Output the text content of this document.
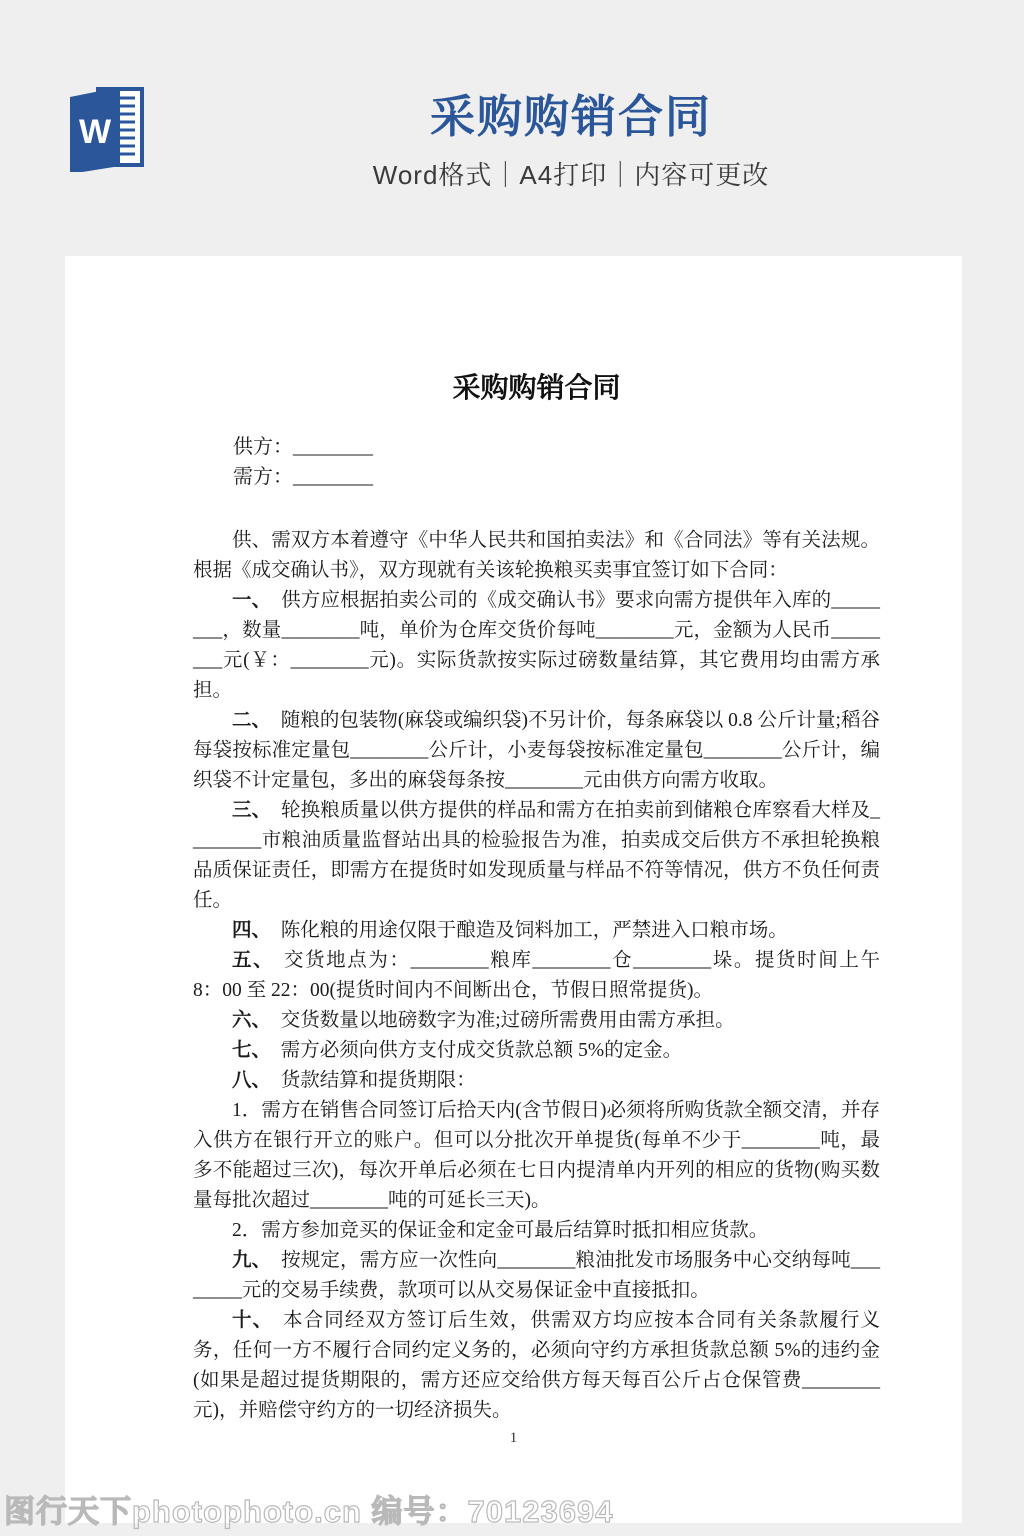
W	采购购销合同
Word格式｜A4打印｜内容可更改
采购购销合同
供方：________
需方：________

供、需双方本着遵守《中华人民共和国拍卖法》和《合同法》等有关法规。根据《成交确认书》，双方现就有关该轮换粮买卖事宜签订如下合同：

一、 供方应根据拍卖公司的《成交确认书》要求向需方提供年入库的________，数量________吨，单价为仓库交货价每吨________元，金额为人民币________元(￥：________元)。实际货款按实际过磅数量结算，其它费用均由需方承担。

二、 随粮的包装物(麻袋或编织袋)不另计价，每条麻袋以 0.8 公斤计量;稻谷每袋按标准定量包________公斤计，小麦每袋按标准定量包________公斤计，编织袋不计定量包，多出的麻袋每条按________元由供方向需方收取。

三、 轮换粮质量以供方提供的样品和需方在拍卖前到储粮仓库察看大样及________市粮油质量监督站出具的检验报告为准，拍卖成交后供方不承担轮换粮品质保证责任，即需方在提货时如发现质量与样品不符等情况，供方不负任何责任。

四、 陈化粮的用途仅限于酿造及饲料加工，严禁进入口粮市场。

五、 交货地点为：________粮库________仓________垛。提货时间上午 8：00 至 22：00(提货时间内不间断出仓，节假日照常提货)。

六、 交货数量以地磅数字为准;过磅所需费用由需方承担。

七、 需方必须向供方支付成交货款总额 5%的定金。

八、 货款结算和提货期限：

1．需方在销售合同签订后拾天内(含节假日)必须将所购货款全额交清，并存入供方在银行开立的账户。但可以分批次开单提货(每单不少于________吨，最多不能超过三次)，每次开单后必须在七日内提清单内开列的相应的货物(购买数量每批次超过________吨的可延长三天)。

2．需方参加竞买的保证金和定金可最后结算时抵扣相应货款。

九、 按规定，需方应一次性向________粮油批发市场服务中心交纳每吨________元的交易手续费，款项可以从交易保证金中直接抵扣。

十、 本合同经双方签订后生效，供需双方均应按本合同有关条款履行义务，任何一方不履行合同约定义务的，必须向守约方承担货款总额 5%的违约金(如果是超过提货期限的，需方还应交给供方每天每百公斤占仓保管费________元)，并赔偿守约方的一切经济损失。

1
图行天下photophoto.cn 编号：70123694
